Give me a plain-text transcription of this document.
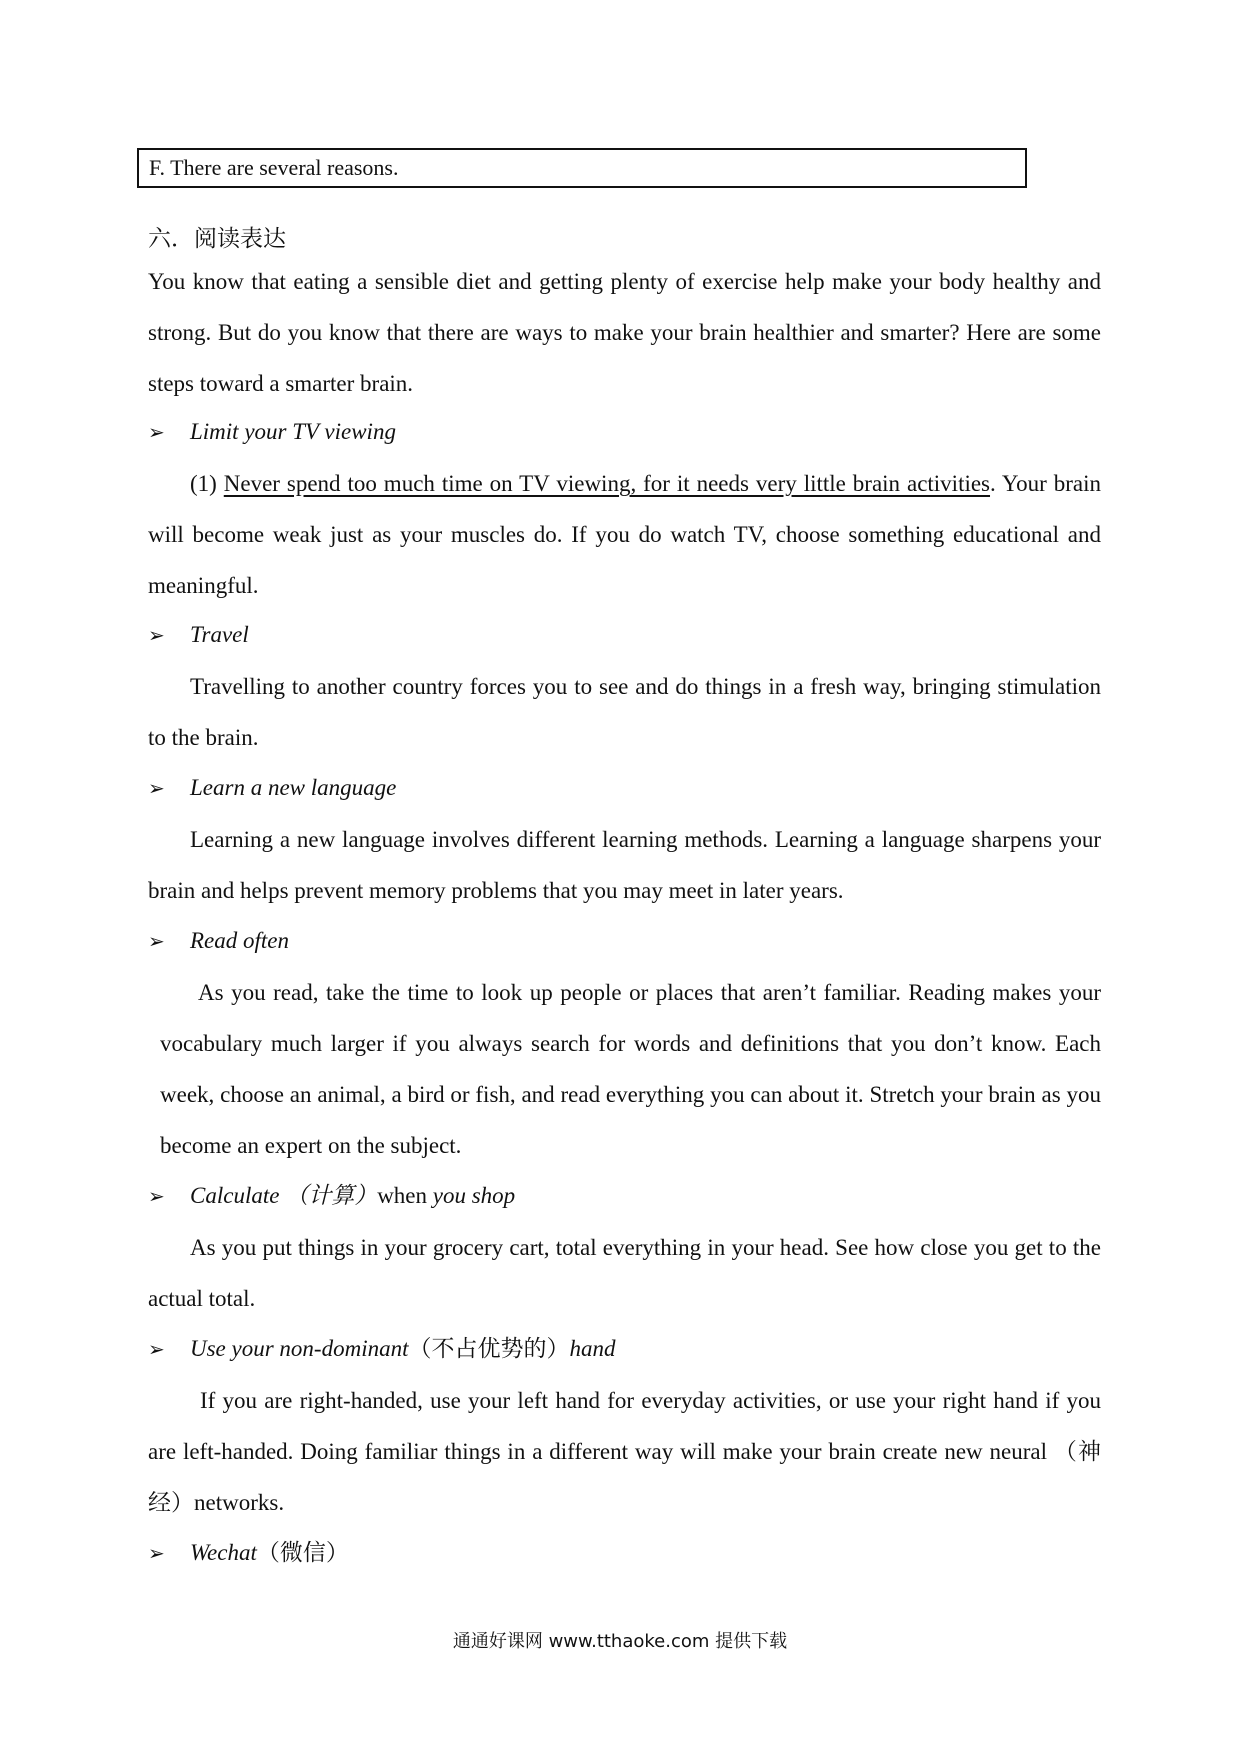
F. There are several reasons.
六．阅读表达

You know that eating a sensible diet and getting plenty of exercise help make your body healthy and strong. But do you know that there are ways to make your brain healthier and smarter? Here are some steps toward a smarter brain.

➢ Limit your TV viewing

(1) Never spend too much time on TV viewing, for it needs very little brain activities. Your brain will become weak just as your muscles do. If you do watch TV, choose something educational and meaningful.

➢ Travel

Travelling to another country forces you to see and do things in a fresh way, bringing stimulation to the brain.

➢ Learn a new language

Learning a new language involves different learning methods. Learning a language sharpens your brain and helps prevent memory problems that you may meet in later years.

➢ Read often

As you read, take the time to look up people or places that aren’t familiar. Reading makes your vocabulary much larger if you always search for words and definitions that you don’t know. Each week, choose an animal, a bird or fish, and read everything you can about it. Stretch your brain as you become an expert on the subject.

➢ Calculate （计算）when you shop

As you put things in your grocery cart, total everything in your head. See how close you get to the actual total.

➢ Use your non-dominant（不占优势的）hand

If you are right-handed, use your left hand for everyday activities, or use your right hand if you are left-handed. Doing familiar things in a different way will make your brain create new neural （神经）networks.

➢ Wechat（微信）
通通好课网 www.tthaoke.com 提供下载
